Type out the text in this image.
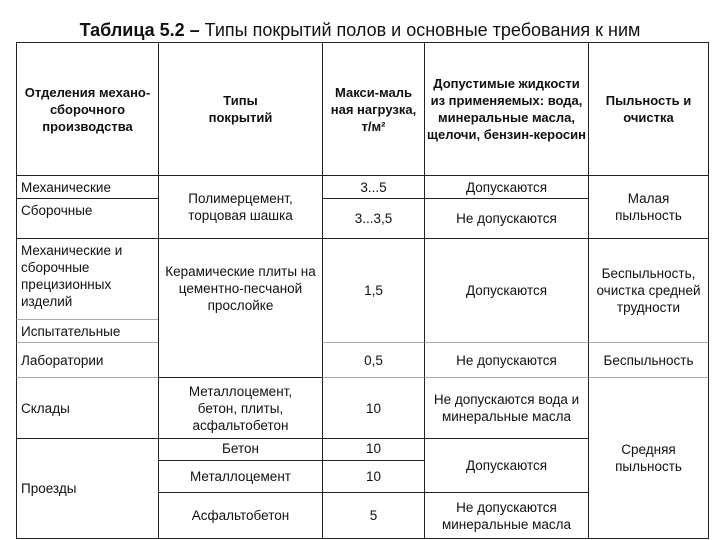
Таблица 5.2 – Типы покрытий полов и основные требования к ним
Отделения механо-сборочного производства
Типы покрытий
Макси-маль ная нагрузка, т/м²
Допустимые жидкости из применяемых: вода, минеральные масла, щелочи, бензин-керосин
Пыльность и очистка
Механические
Сборочные
Механические и сборочные прецизионных изделий
Испытательные
Лаборатории
Склады
Проезды
Полимерцемент, торцовая шашка
Керамические плиты на цементно-песчаной прослойке
Металлоцемент, бетон, плиты, асфальтобетон
Бетон
Металлоцемент
Асфальтобетон
3...5
3...3,5
1,5
0,5
10
10
10
5
Допускаются
Не допускаются
Допускаются
Не допускаются
Не допускаются вода и минеральные масла
Допускаются
Не допускаются минеральные масла
Малая пыльность
Беспыльность, очистка средней трудности
Беспыльность
Средняя пыльность
